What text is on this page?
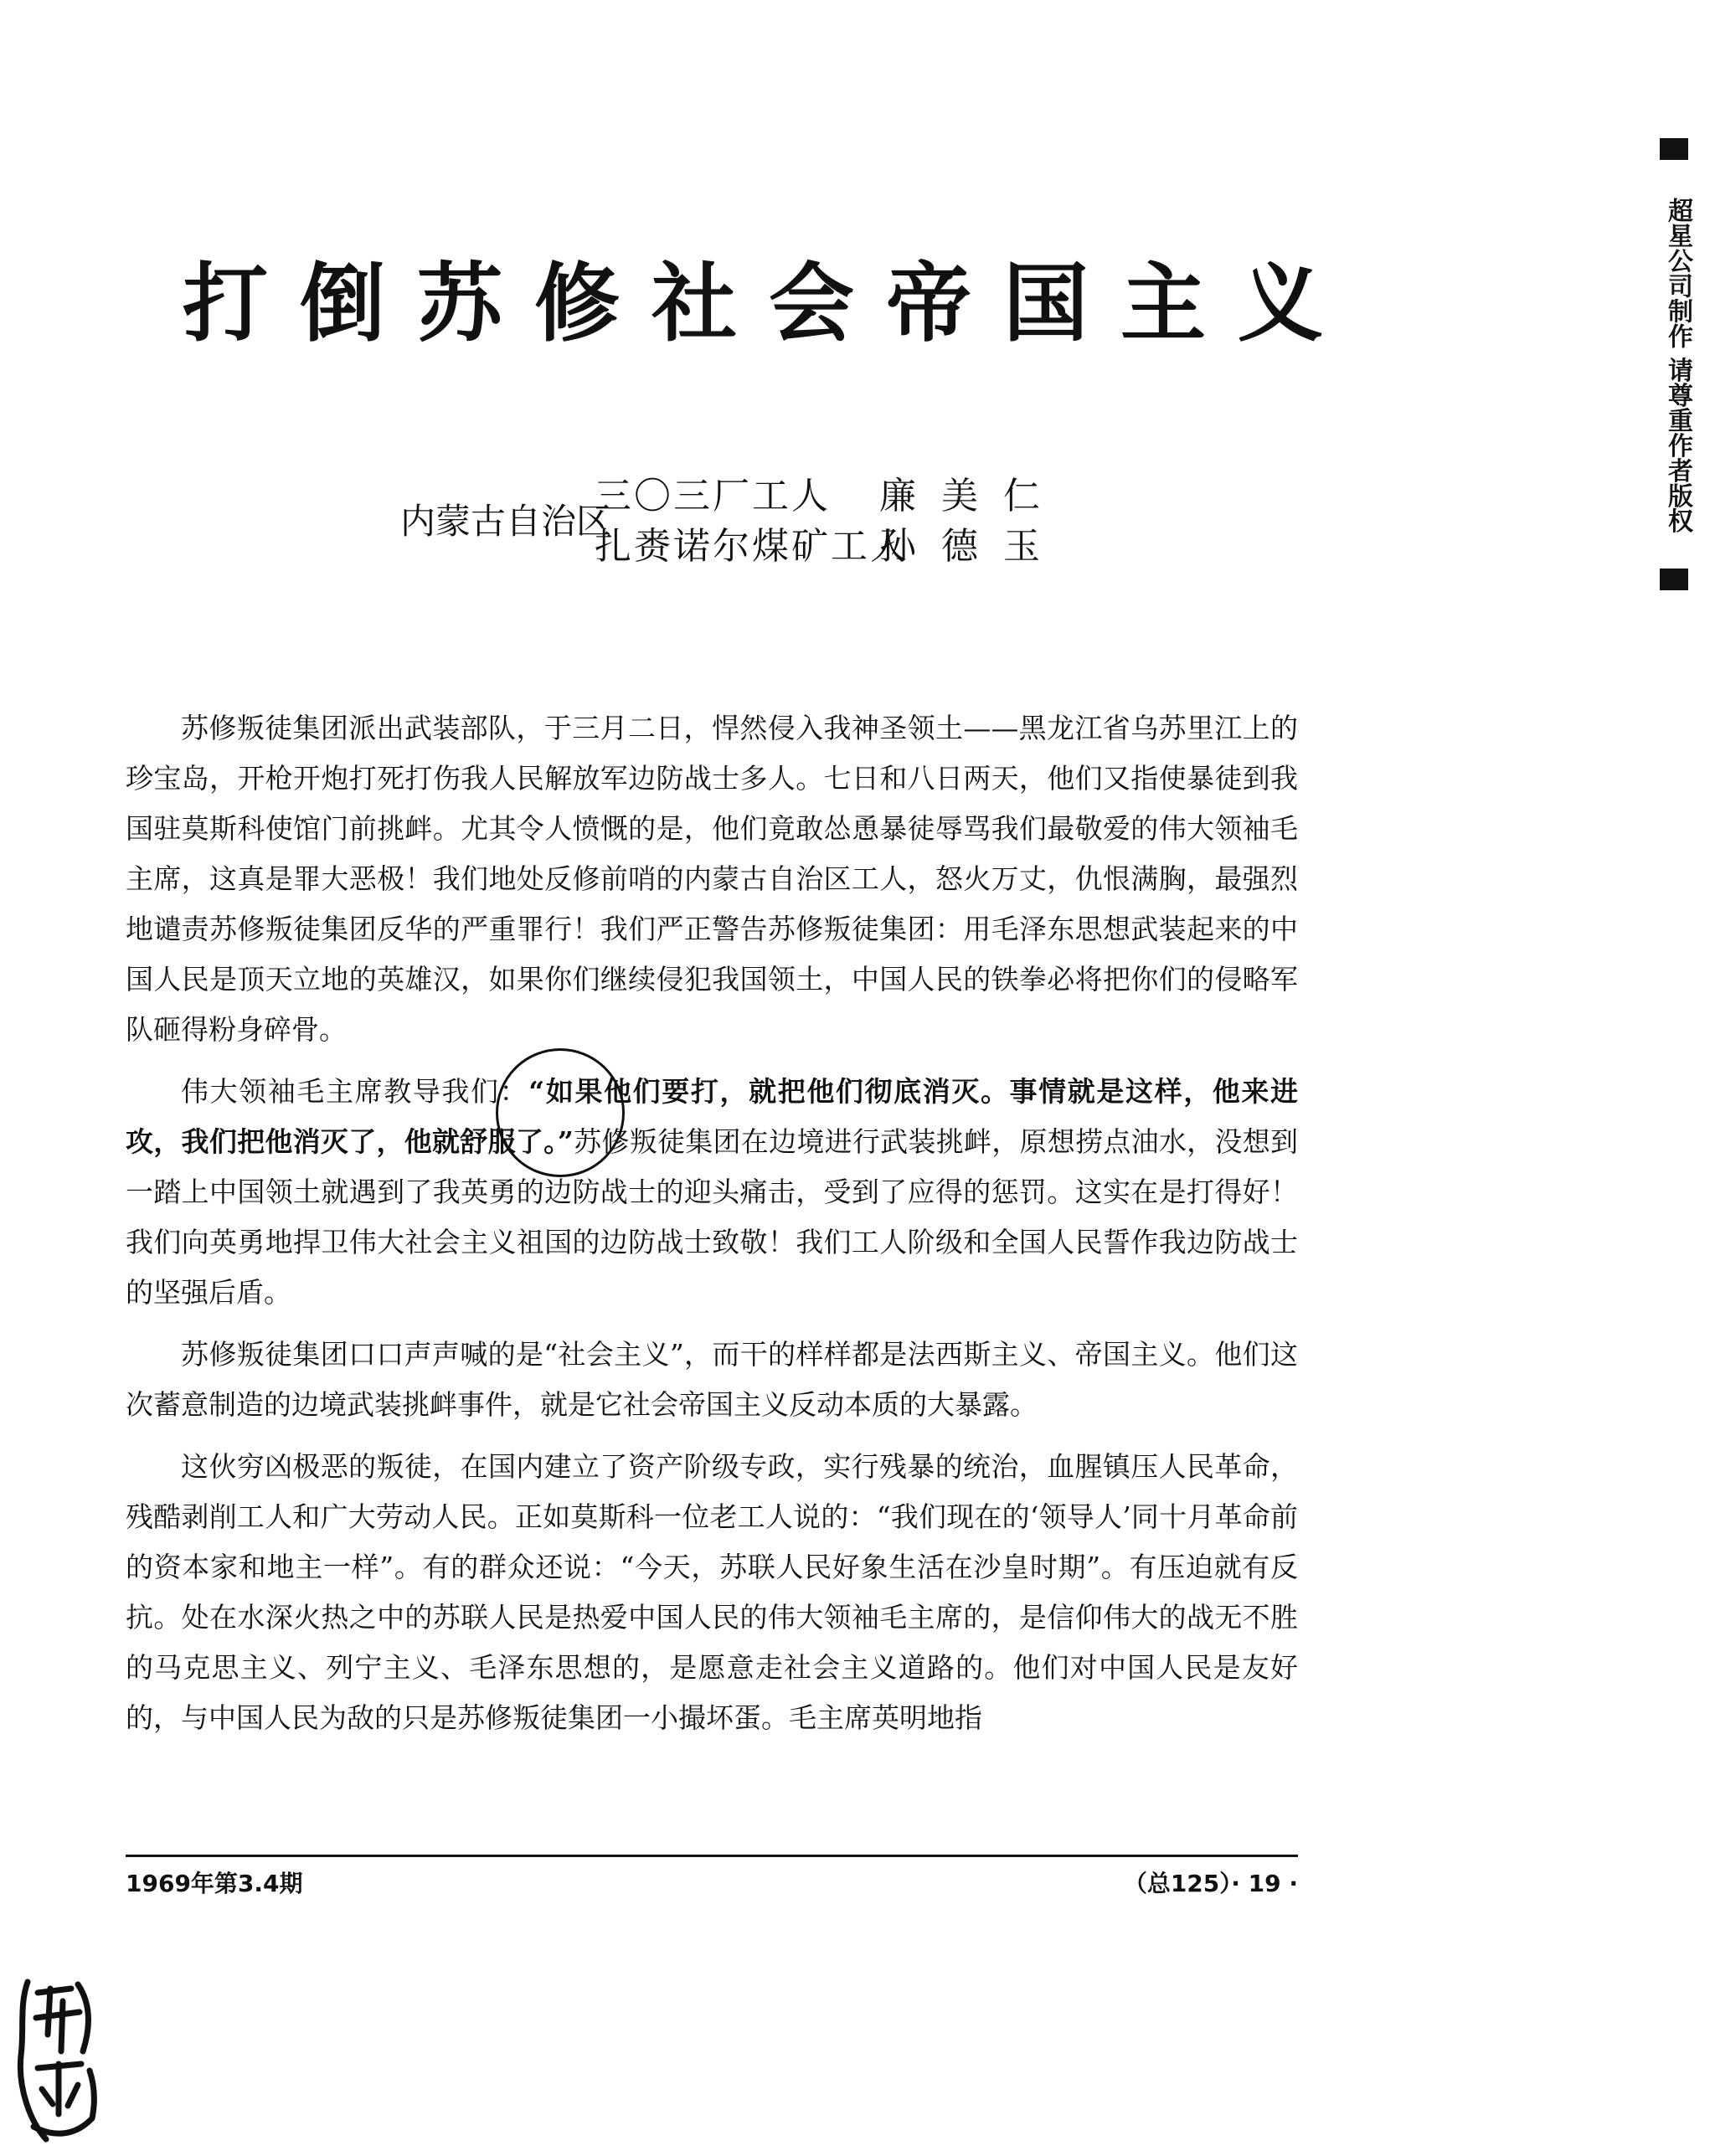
打倒苏修社会帝国主义
内蒙古自治区
三〇三厂工人 廉美仁
扎赉诺尔煤矿工人孙德玉

苏修叛徒集团派出武装部队，于三月二日，悍然侵入我神圣领土——黑龙江省乌苏里江上的珍宝岛，开枪开炮打死打伤我人民解放军边防战士多人。七日和八日两天，他们又指使暴徒到我国驻莫斯科使馆门前挑衅。尤其令人愤慨的是，他们竟敢怂恿暴徒辱骂我们最敬爱的伟大领袖毛主席，这真是罪大恶极！我们地处反修前哨的内蒙古自治区工人，怒火万丈，仇恨满胸，最强烈地谴责苏修叛徒集团反华的严重罪行！我们严正警告苏修叛徒集团：用毛泽东思想武装起来的中国人民是顶天立地的英雄汉，如果你们继续侵犯我国领土，中国人民的铁拳必将把你们的侵略军队砸得粉身碎骨。

伟大领袖毛主席教导我们：“如果他们要打，就把他们彻底消灭。事情就是这样，他来进攻，我们把他消灭了，他就舒服了。”苏修叛徒集团在边境进行武装挑衅，原想捞点油水，没想到一踏上中国领土就遇到了我英勇的边防战士的迎头痛击，受到了应得的惩罚。这实在是打得好！我们向英勇地捍卫伟大社会主义祖国的边防战士致敬！我们工人阶级和全国人民誓作我边防战士的坚强后盾。

苏修叛徒集团口口声声喊的是“社会主义”，而干的样样都是法西斯主义、帝国主义。他们这次蓄意制造的边境武装挑衅事件，就是它社会帝国主义反动本质的大暴露。

这伙穷凶极恶的叛徒，在国内建立了资产阶级专政，实行残暴的统治，血腥镇压人民革命，残酷剥削工人和广大劳动人民。正如莫斯科一位老工人说的：“我们现在的‘领导人’同十月革命前的资本家和地主一样”。有的群众还说：“今天，苏联人民好象生活在沙皇时期”。有压迫就有反抗。处在水深火热之中的苏联人民是热爱中国人民的伟大领袖毛主席的，是信仰伟大的战无不胜的马克思主义、列宁主义、毛泽东思想的，是愿意走社会主义道路的。他们对中国人民是友好的，与中国人民为敌的只是苏修叛徒集团一小撮坏蛋。毛主席英明地指

1969年第3.4期	（总125）· 19 ·
超星公司制作 请尊重作者版权
